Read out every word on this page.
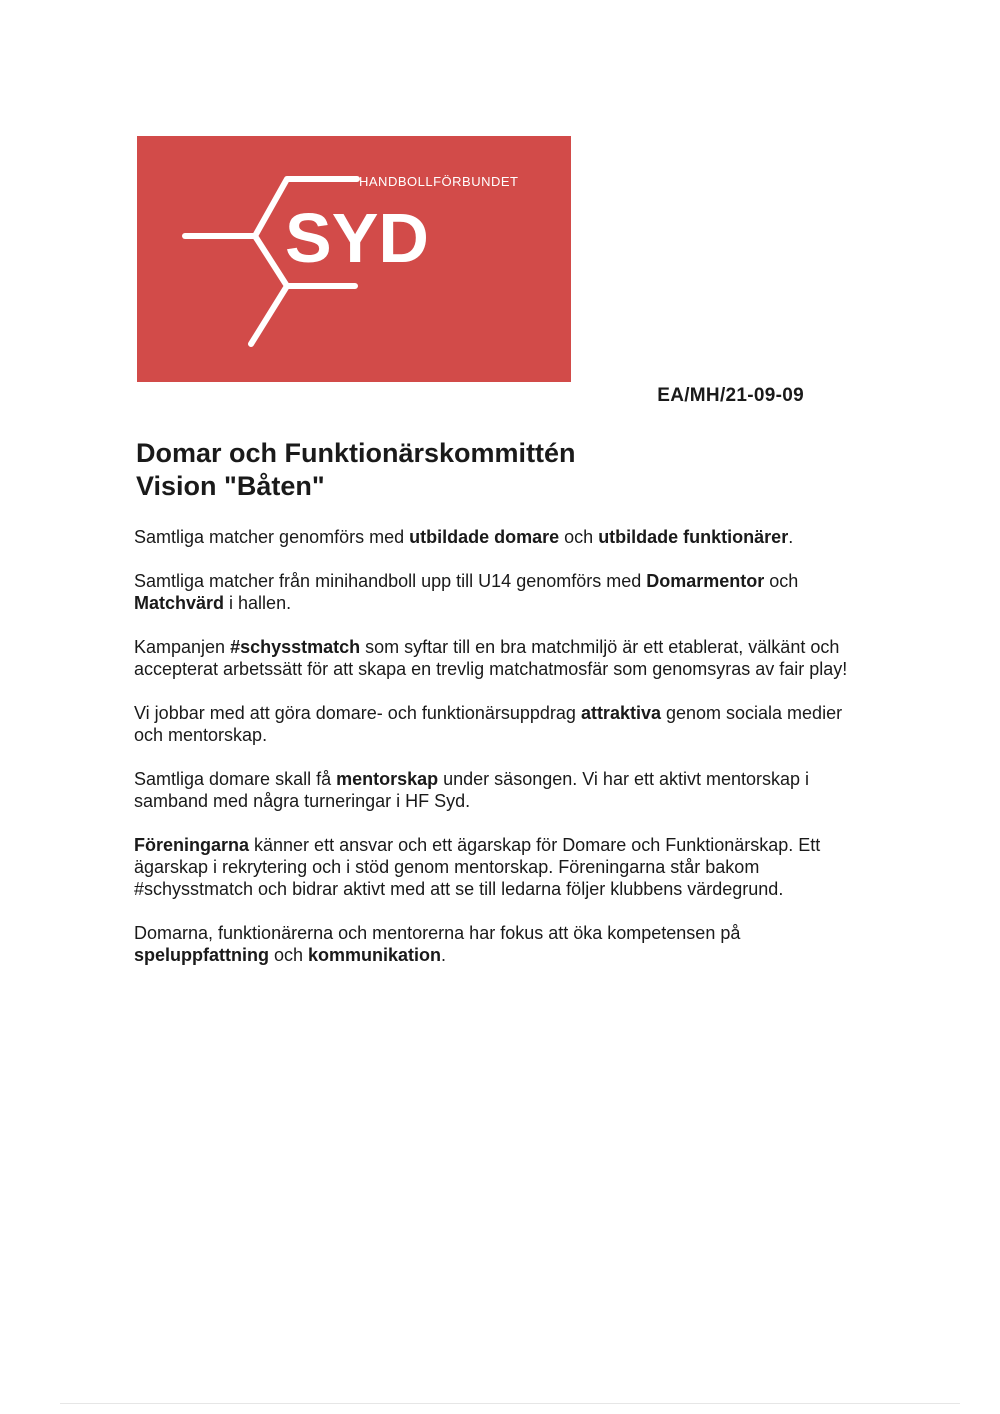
HANDBOLLFÖRBUNDET
SYD
EA/MH/21-09-09
Domar och Funktionärskommittén
Vision "Båten"

Samtliga matcher genomförs med utbildade domare och utbildade funktionärer.

Samtliga matcher från minihandboll upp till U14 genomförs med Domarmentor och Matchvärd i hallen.

Kampanjen #schysstmatch som syftar till en bra matchmiljö är ett etablerat, välkänt och accepterat arbetssätt för att skapa en trevlig matchatmosfär som genomsyras av fair play!

Vi jobbar med att göra domare- och funktionärsuppdrag attraktiva genom sociala medier och mentorskap.

Samtliga domare skall få mentorskap under säsongen. Vi har ett aktivt mentorskap i samband med några turneringar i HF Syd.

Föreningarna känner ett ansvar och ett ägarskap för Domare och Funktionärskap. Ett ägarskap i rekrytering och i stöd genom mentorskap. Föreningarna står bakom #schysstmatch och bidrar aktivt med att se till ledarna följer klubbens värdegrund.

Domarna, funktionärerna och mentorerna har fokus att öka kompetensen på speluppfattning och kommunikation.
